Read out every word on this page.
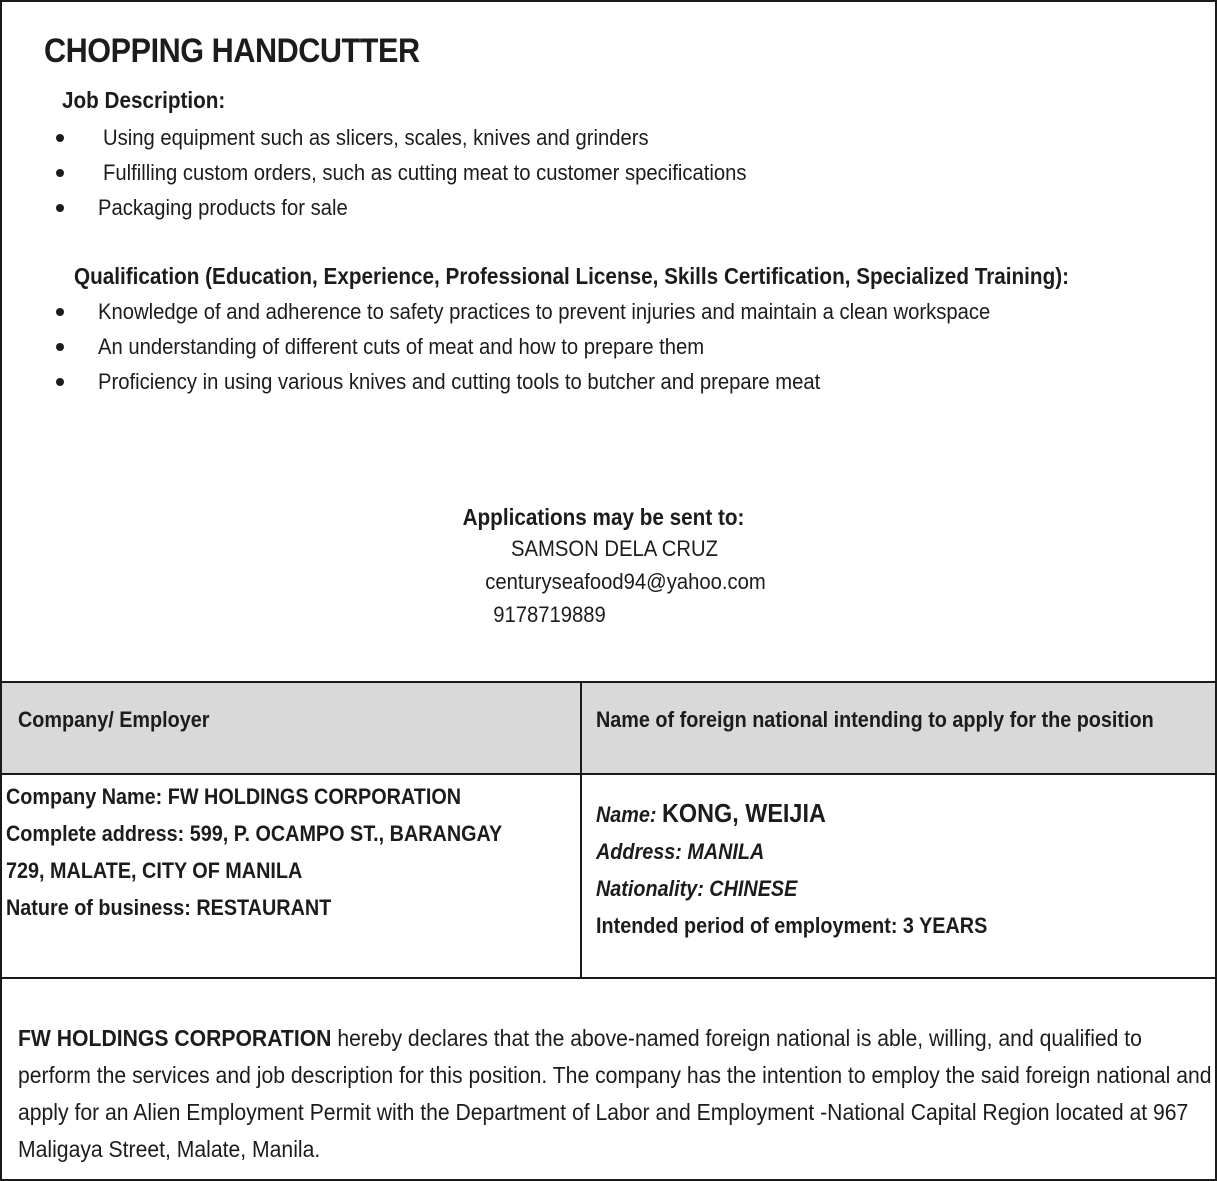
CHOPPING HANDCUTTER
Job Description:
Using equipment such as slicers, scales, knives and grinders
Fulfilling custom orders, such as cutting meat to customer specifications
Packaging products for sale
Qualification (Education, Experience, Professional License, Skills Certification, Specialized Training):
Knowledge of and adherence to safety practices to prevent injuries and maintain a clean workspace
An understanding of different cuts of meat and how to prepare them
Proficiency in using various knives and cutting tools to butcher and prepare meat
Applications may be sent to:
SAMSON DELA CRUZ
centuryseafood94@yahoo.com
9178719889
Company/ Employer	Name of foreign national intending to apply for the position
Company Name: FW HOLDINGS CORPORATION
Complete address: 599, P. OCAMPO ST., BARANGAY
729, MALATE, CITY OF MANILA
Nature of business: RESTAURANT
Name: KONG, WEIJIA
Address: MANILA
Nationality: CHINESE
Intended period of employment: 3 YEARS

FW HOLDINGS CORPORATION hereby declares that the above-named foreign national is able, willing, and qualified to perform the services and job description for this position. The company has the intention to employ the said foreign national and apply for an Alien Employment Permit with the Department of Labor and Employment -National Capital Region located at 967 Maligaya Street, Malate, Manila.
